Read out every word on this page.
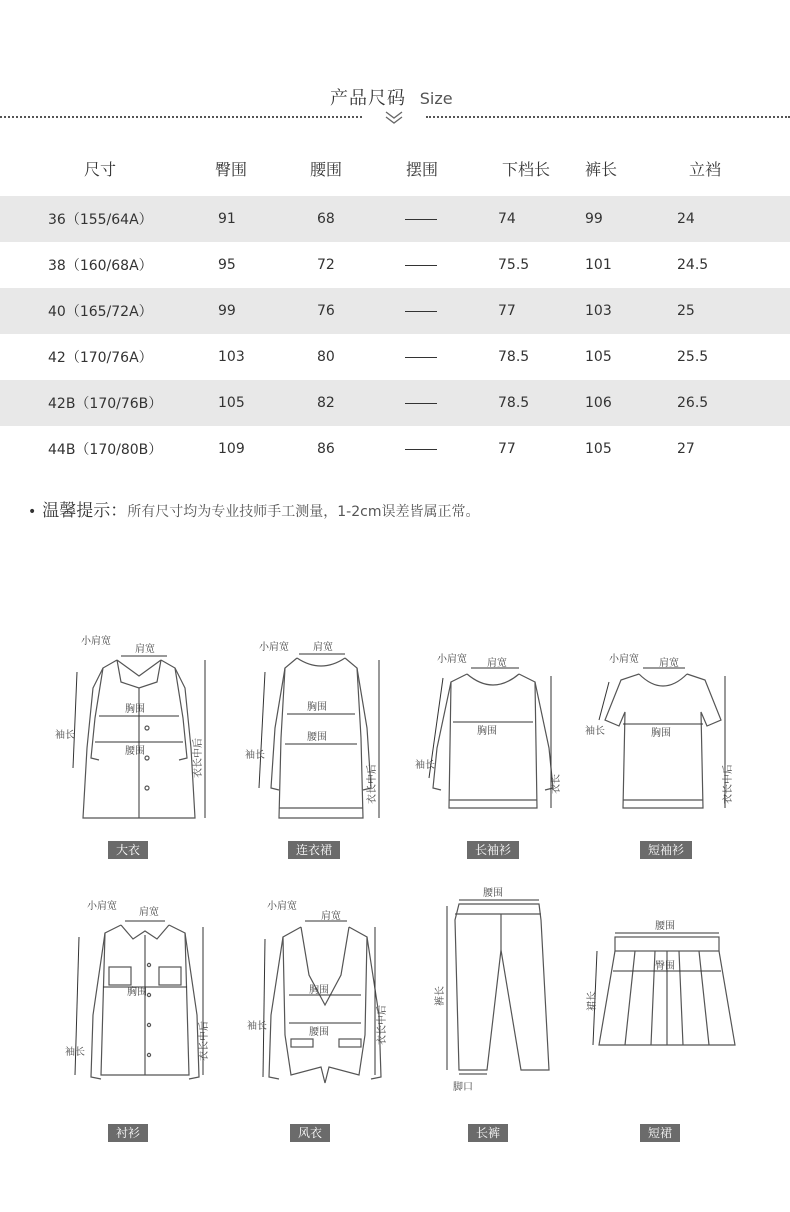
产品尺码 Size
尺寸	臀围	腰围	摆围	下档长	裤长	立裆
36（155/64A）	91	68		74	99	24
38（160/68A）	95	72		75.5	101	24.5
40（165/72A）	99	76		77	103	25
42（170/76A）	103	80		78.5	105	25.5
42B（170/76B）	105	82		78.5	106	26.5
44B（170/80B）	109	86		77	105	27
• 温馨提示：所有尺寸均为专业技师手工测量，1-2cm误差皆属正常。
胸围
腰围
小肩宽
肩宽
袖长
衣长中后
大衣
胸围
腰围
小肩宽 肩宽
袖长
衣长中后
连衣裙
胸围
小肩宽 肩宽
袖长
衣长
长袖衫
胸围
小肩宽 肩宽
袖长
衣长中后
短袖衫
胸围
小肩宽
肩宽
袖长	衣长中后
衬衫
胸围
腰围
小肩宽
肩宽
袖长	衣长中后
风衣
腰围
裤长
脚口
长裤
腰围
臀围
裙长
短裙
